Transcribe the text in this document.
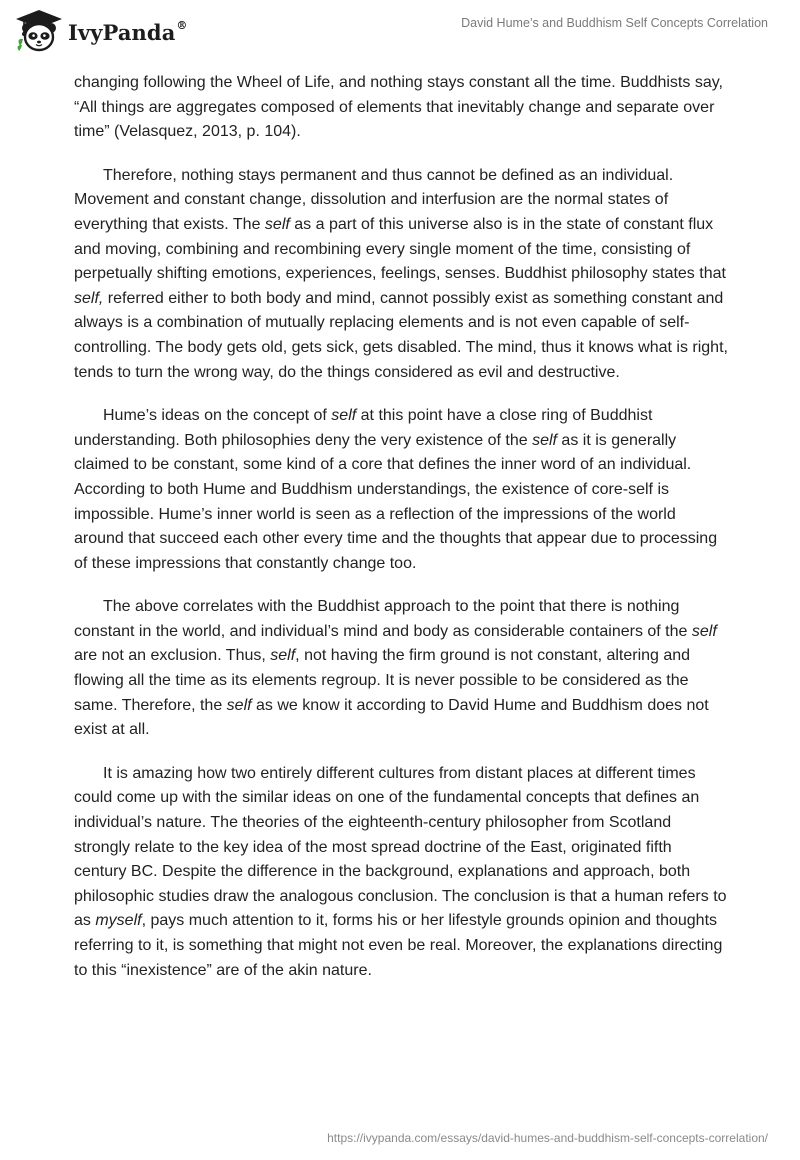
IvyPanda®	David Hume’s and Buddhism Self Concepts Correlation

changing following the Wheel of Life, and nothing stays constant all the time. Buddhists say, “All things are aggregates composed of elements that inevitably change and separate over time” (Velasquez, 2013, p. 104).

Therefore, nothing stays permanent and thus cannot be defined as an individual. Movement and constant change, dissolution and interfusion are the normal states of everything that exists. The self as a part of this universe also is in the state of constant flux and moving, combining and recombining every single moment of the time, consisting of perpetually shifting emotions, experiences, feelings, senses. Buddhist philosophy states that self, referred either to both body and mind, cannot possibly exist as something constant and always is a combination of mutually replacing elements and is not even capable of self-controlling. The body gets old, gets sick, gets disabled. The mind, thus it knows what is right, tends to turn the wrong way, do the things considered as evil and destructive.

Hume’s ideas on the concept of self at this point have a close ring of Buddhist understanding. Both philosophies deny the very existence of the self as it is generally claimed to be constant, some kind of a core that defines the inner word of an individual. According to both Hume and Buddhism understandings, the existence of core-self is impossible. Hume’s inner world is seen as a reflection of the impressions of the world around that succeed each other every time and the thoughts that appear due to processing of these impressions that constantly change too.

The above correlates with the Buddhist approach to the point that there is nothing constant in the world, and individual’s mind and body as considerable containers of the self are not an exclusion. Thus, self, not having the firm ground is not constant, altering and flowing all the time as its elements regroup. It is never possible to be considered as the same. Therefore, the self as we know it according to David Hume and Buddhism does not exist at all.

It is amazing how two entirely different cultures from distant places at different times could come up with the similar ideas on one of the fundamental concepts that defines an individual’s nature. The theories of the eighteenth-century philosopher from Scotland strongly relate to the key idea of the most spread doctrine of the East, originated fifth century BC. Despite the difference in the background, explanations and approach, both philosophic studies draw the analogous conclusion. The conclusion is that a human refers to as myself, pays much attention to it, forms his or her lifestyle grounds opinion and thoughts referring to it, is something that might not even be real. Moreover, the explanations directing to this “inexistence” are of the akin nature.

https://ivypanda.com/essays/david-humes-and-buddhism-self-concepts-correlation/
